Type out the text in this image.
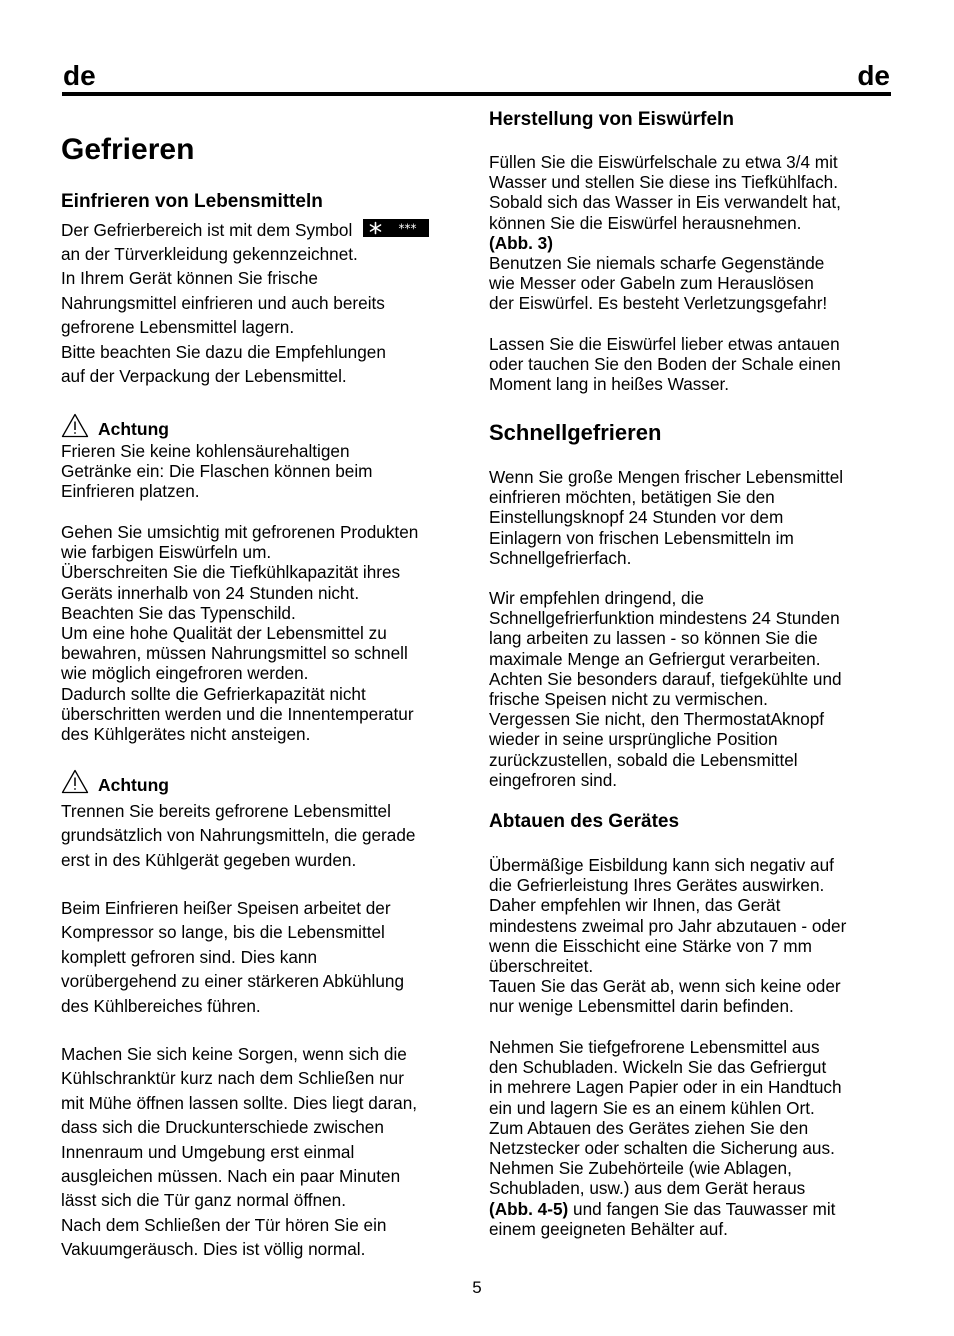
de	de
Gefrieren
Einfrieren von Lebensmitteln
Der Gefrierbereich ist mit dem Symbol	***
an der Türverkleidung gekennzeichnet.
In Ihrem Gerät können Sie frische
Nahrungsmittel einfrieren und auch bereits
gefrorene Lebensmittel lagern.
Bitte beachten Sie dazu die Empfehlungen
auf der Verpackung der Lebensmittel.
Achtung
Frieren Sie keine kohlensäurehaltigen
Getränke ein: Die Flaschen können beim
Einfrieren platzen.
Gehen Sie umsichtig mit gefrorenen Produkten
wie farbigen Eiswürfeln um.
Überschreiten Sie die Tiefkühlkapazität ihres
Geräts innerhalb von 24 Stunden nicht.
Beachten Sie das Typenschild.
Um eine hohe Qualität der Lebensmittel zu
bewahren, müssen Nahrungsmittel so schnell
wie möglich eingefroren werden.
Dadurch sollte die Gefrierkapazität nicht
überschritten werden und die Innentemperatur
des Kühlgerätes nicht ansteigen.
Achtung
Trennen Sie bereits gefrorene Lebensmittel
grundsätzlich von Nahrungsmitteln, die gerade
erst in des Kühlgerät gegeben wurden.
Beim Einfrieren heißer Speisen arbeitet der
Kompressor so lange, bis die Lebensmittel
komplett gefroren sind. Dies kann
vorübergehend zu einer stärkeren Abkühlung
des Kühlbereiches führen.
Machen Sie sich keine Sorgen, wenn sich die
Kühlschranktür kurz nach dem Schließen nur
mit Mühe öffnen lassen sollte. Dies liegt daran,
dass sich die Druckunterschiede zwischen
Innenraum und Umgebung erst einmal
ausgleichen müssen. Nach ein paar Minuten
lässt sich die Tür ganz normal öffnen.
Nach dem Schließen der Tür hören Sie ein
Vakuumgeräusch. Dies ist völlig normal.
Herstellung von Eiswürfeln
Füllen Sie die Eiswürfelschale zu etwa 3/4 mit
Wasser und stellen Sie diese ins Tiefkühlfach.
Sobald sich das Wasser in Eis verwandelt hat,
können Sie die Eiswürfel herausnehmen.
(Abb. 3)
Benutzen Sie niemals scharfe Gegenstände
wie Messer oder Gabeln zum Herauslösen
der Eiswürfel. Es besteht Verletzungsgefahr!
Lassen Sie die Eiswürfel lieber etwas antauen
oder tauchen Sie den Boden der Schale einen
Moment lang in heißes Wasser.
Schnellgefrieren
Wenn Sie große Mengen frischer Lebensmittel
einfrieren möchten, betätigen Sie den
Einstellungsknopf 24 Stunden vor dem
Einlagern von frischen Lebensmitteln im
Schnellgefrierfach.
Wir empfehlen dringend, die
Schnellgefrierfunktion mindestens 24 Stunden
lang arbeiten zu lassen - so können Sie die
maximale Menge an Gefriergut verarbeiten.
Achten Sie besonders darauf, tiefgekühlte und
frische Speisen nicht zu vermischen.
Vergessen Sie nicht, den ThermostatAknopf
wieder in seine ursprüngliche Position
zurückzustellen, sobald die Lebensmittel
eingefroren sind.
Abtauen des Gerätes
Übermäßige Eisbildung kann sich negativ auf
die Gefrierleistung Ihres Gerätes auswirken.
Daher empfehlen wir Ihnen, das Gerät
mindestens zweimal pro Jahr abzutauen - oder
wenn die Eisschicht eine Stärke von 7 mm
überschreitet.
Tauen Sie das Gerät ab, wenn sich keine oder
nur wenige Lebensmittel darin befinden.
Nehmen Sie tiefgefrorene Lebensmittel aus
den Schubladen. Wickeln Sie das Gefriergut
in mehrere Lagen Papier oder in ein Handtuch
ein und lagern Sie es an einem kühlen Ort.
Zum Abtauen des Gerätes ziehen Sie den
Netzstecker oder schalten die Sicherung aus.
Nehmen Sie Zubehörteile (wie Ablagen,
Schubladen, usw.) aus dem Gerät heraus
(Abb. 4-5) und fangen Sie das Tauwasser mit
einem geeigneten Behälter auf.
5
